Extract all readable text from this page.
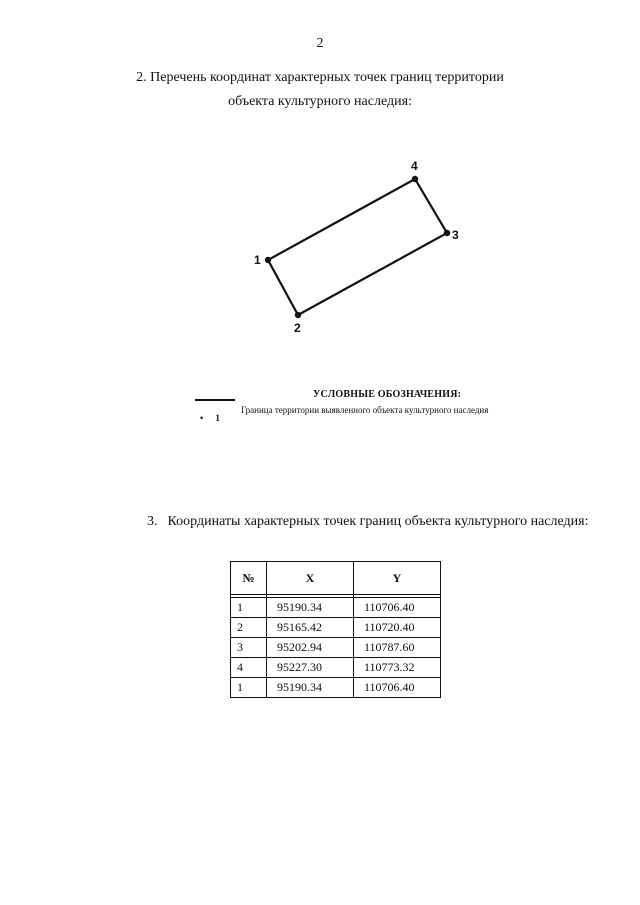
2
2. Перечень координат характерных точек границ территории
объекта культурного наследия:
1
2
3
4
УСЛОВНЫЕ ОБОЗНАЧЕНИЯ:
• 1
Граница территории выявленного объекта культурного наследия
3. Координаты характерных точек границ объекта культурного наследия:
№	X	Y

1	95190.34	110706.40
2	95165.42	110720.40
3	95202.94	110787.60
4	95227.30	110773.32
1	95190.34	110706.40
